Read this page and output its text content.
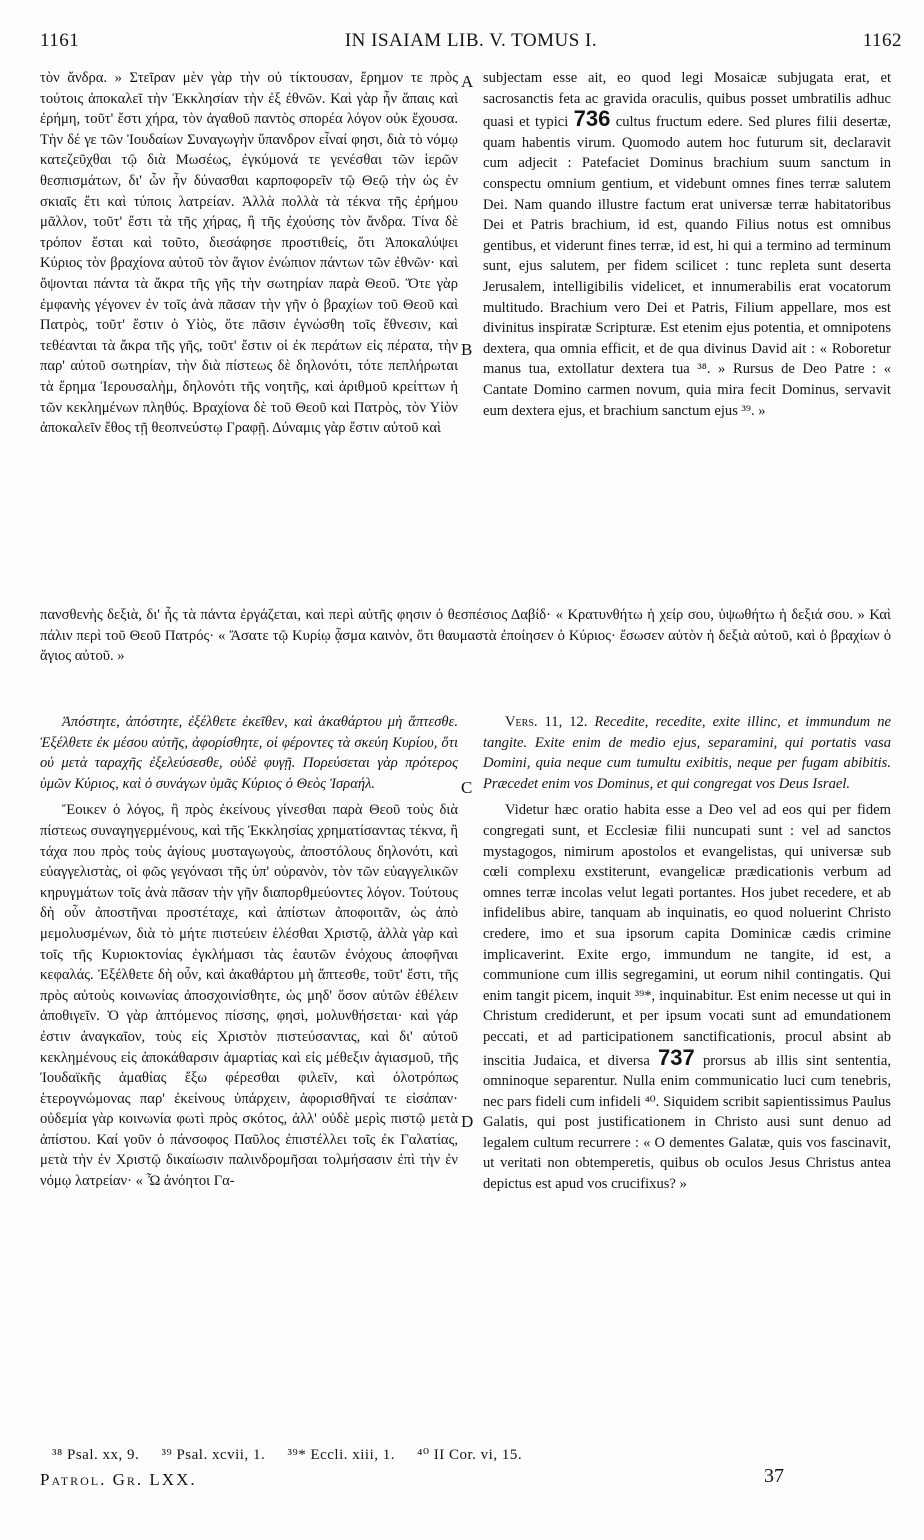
1161	IN ISAIAM LIB. V. TOMUS I.	1162
A
B
C
D

τὸν ἄνδρα. » Στεῖραν μὲν γὰρ τὴν οὐ τίκτουσαν, ἔρημον τε πρὸς τούτοις ἀποκαλεῖ τὴν Ἐκκλησίαν τὴν ἐξ ἐθνῶν. Καὶ γὰρ ἦν ἅπαις καὶ ἐρήμη, τοῦτ' ἔστι χήρα, τὸν ἀγαθοῦ παντὸς σπορέα λόγον οὐκ ἔχουσα. Τὴν δέ γε τῶν Ἰουδαίων Συναγωγὴν ὕπανδρον εἶναί φησι, διὰ τὸ νόμῳ κατεζεῦχθαι τῷ διὰ Μωσέως, ἐγκύμονά τε γενέσθαι τῶν ἱερῶν θεσπισμάτων, δι' ὧν ἦν δύνασθαι καρποφορεῖν τῷ Θεῷ τὴν ὡς ἐν σκιαῖς ἔτι καὶ τύποις λατρείαν. Ἀλλὰ πολλὰ τὰ τέκνα τῆς ἐρήμου μᾶλλον, τοῦτ' ἔστι τὰ τῆς χήρας, ἢ τῆς ἐχούσης τὸν ἄνδρα. Τίνα δὲ τρόπον ἔσται καὶ τοῦτο, διεσάφησε προστιθείς, ὅτι Ἀποκαλύψει Κύριος τὸν βραχίονα αὐτοῦ τὸν ἅγιον ἐνώπιον πάντων τῶν ἐθνῶν· καὶ ὄψονται πάντα τὰ ἄκρα τῆς γῆς τὴν σωτηρίαν παρὰ Θεοῦ. Ὅτε γὰρ ἐμφανὴς γέγονεν ἐν τοῖς ἀνὰ πᾶσαν τὴν γῆν ὁ βραχίων τοῦ Θεοῦ καὶ Πατρὸς, τοῦτ' ἔστιν ὁ Υἱὸς, ὅτε πᾶσιν ἐγνώσθη τοῖς ἔθνεσιν, καὶ τεθέανται τὰ ἄκρα τῆς γῆς, τοῦτ' ἔστιν οἱ ἐκ περάτων εἰς πέρατα, τὴν παρ' αὐτοῦ σωτηρίαν, τὴν διὰ πίστεως δὲ δηλονότι, τότε πεπλήρωται τὰ ἔρημα Ἱερουσαλὴμ, δηλονότι τῆς νοητῆς, καὶ ἀριθμοῦ κρείττων ἡ τῶν κεκλημένων πληθύς. Βραχίονα δὲ τοῦ Θεοῦ καὶ Πατρὸς, τὸν Υἱὸν ἀποκαλεῖν ἔθος τῇ θεοπνεύστῳ Γραφῇ. Δύναμις γὰρ ἔστιν αὐτοῦ καὶ

subjectam esse ait, eo quod legi Mosaicæ subjugata erat, et sacrosanctis feta ac gravida oraculis, quibus posset umbratilis adhuc quasi et typici 736 cultus fructum edere. Sed plures filii desertæ, quam habentis virum. Quomodo autem hoc futurum sit, declaravit cum adjecit : Patefaciet Dominus brachium suum sanctum in conspectu omnium gentium, et videbunt omnes fines terræ salutem Dei. Nam quando illustre factum erat universæ terræ habitatoribus Dei et Patris brachium, id est, quando Filius notus est omnibus gentibus, et viderunt fines terræ, id est, hi qui a termino ad terminum sunt, ejus salutem, per fidem scilicet : tunc repleta sunt deserta Jerusalem, intelligibilis videlicet, et innumerabilis erat vocatorum multitudo. Brachium vero Dei et Patris, Filium appellare, mos est divinitus inspiratæ Scripturæ. Est etenim ejus potentia, et omnipotens dextera, qua omnia efficit, et de qua divinus David ait : « Roboretur manus tua, extollatur dextera tua ³⁸. » Rursus de Deo Patre : « Cantate Domino carmen novum, quia mira fecit Dominus, servavit eum dextera ejus, et brachium sanctum ejus ³⁹. »

πανσθενὴς δεξιὰ, δι' ἧς τὰ πάντα ἐργάζεται, καὶ περὶ αὐτῆς φησιν ὁ θεσπέσιος Δαβίδ· « Κρατυνθήτω ἡ χείρ σου, ὑψωθήτω ἡ δεξιά σου. » Καὶ πάλιν περὶ τοῦ Θεοῦ Πατρός· « Ἄσατε τῷ Κυρίῳ ᾆσμα καινὸν, ὅτι θαυμαστὰ ἐποίησεν ὁ Κύριος· ἔσωσεν αὐτὸν ἡ δεξιὰ αὐτοῦ, καὶ ὁ βραχίων ὁ ἅγιος αὐτοῦ. »

Ἀπόστητε, ἀπόστητε, ἐξέλθετε ἐκεῖθεν, καὶ ἀκαθάρτου μὴ ἅπτεσθε. Ἐξέλθετε ἐκ μέσου αὐτῆς, ἀφορίσθητε, οἱ φέροντες τὰ σκεύη Κυρίου, ὅτι οὐ μετὰ ταραχῆς ἐξελεύσεσθε, οὐδὲ φυγῇ. Πορεύσεται γὰρ πρότερος ὑμῶν Κύριος, καὶ ὁ συνάγων ὑμᾶς Κύριος ὁ Θεὸς Ἰσραήλ.

Ἔοικεν ὁ λόγος, ἢ πρὸς ἐκείνους γίνεσθαι παρὰ Θεοῦ τοὺς διὰ πίστεως συναγηγερμένους, καὶ τῆς Ἐκκλησίας χρηματίσαντας τέκνα, ἢ τάχα που πρὸς τοὺς ἁγίους μυσταγωγοὺς, ἀποστόλους δηλονότι, καὶ εὐαγγελιστὰς, οἱ φῶς γεγόνασι τῆς ὑπ' οὐρανὸν, τὸν τῶν εὐαγγελικῶν κηρυγμάτων τοῖς ἀνὰ πᾶσαν τὴν γῆν διαπορθμεύοντες λόγον. Τούτους δὴ οὖν ἀποστῆναι προστέταχε, καὶ ἀπίστων ἀποφοιτᾶν, ὡς ἀπὸ μεμολυσμένων, διὰ τὸ μήτε πιστεύειν ἑλέσθαι Χριστῷ, ἀλλὰ γὰρ καὶ τοῖς τῆς Κυριοκτονίας ἐγκλήμασι τὰς ἑαυτῶν ἐνόχους ἀποφῆναι κεφαλάς. Ἐξέλθετε δὴ οὖν, καὶ ἀκαθάρτου μὴ ἅπτεσθε, τοῦτ' ἔστι, τῆς πρὸς αὐτοὺς κοινωνίας ἀποσχοινίσθητε, ὡς μηδ' ὅσον αὐτῶν ἐθέλειν ἀποθιγεῖν. Ὁ γὰρ ἁπτόμενος πίσσης, φησὶ, μολυνθήσεται· καὶ γάρ ἐστιν ἀναγκαῖον, τοὺς εἰς Χριστὸν πιστεύσαντας, καὶ δι' αὐτοῦ κεκλημένους εἰς ἀποκάθαρσιν ἁμαρτίας καὶ εἰς μέθεξιν ἁγιασμοῦ, τῆς Ἰουδαϊκῆς ἀμαθίας ἔξω φέρεσθαι φιλεῖν, καὶ ὁλοτρόπως ἑτερογνώμονας παρ' ἐκείνους ὑπάρχειν, ἀφορισθῆναί τε εἰσάπαν· οὐδεμία γὰρ κοινωνία φωτὶ πρὸς σκότος, ἀλλ' οὐδὲ μερὶς πιστῷ μετὰ ἀπίστου. Καί γοῦν ὁ πάνσοφος Παῦλος ἐπιστέλλει τοῖς ἐκ Γαλατίας, μετὰ τὴν ἐν Χριστῷ δικαίωσιν παλινδρομῆσαι τολμήσασιν ἐπὶ τὴν ἐν νόμῳ λατρείαν· « Ὦ ἀνόητοι Γα-

Vers. 11, 12. Recedite, recedite, exite illinc, et immundum ne tangite. Exite enim de medio ejus, separamini, qui portatis vasa Domini, quia neque cum tumultu exibitis, neque per fugam abibitis. Præcedet enim vos Dominus, et qui congregat vos Deus Israel.

Videtur hæc oratio habita esse a Deo vel ad eos qui per fidem congregati sunt, et Ecclesiæ filii nuncupati sunt : vel ad sanctos mystagogos, nimirum apostolos et evangelistas, qui universæ sub cœli complexu exstiterunt, evangelicæ prædicationis verbum ad omnes terræ incolas velut legati portantes. Hos jubet recedere, et ab infidelibus abire, tanquam ab inquinatis, eo quod noluerint Christo credere, imo et sua ipsorum capita Dominicæ cædis crimine implicaverint. Exite ergo, immundum ne tangite, id est, a communione cum illis segregamini, ut eorum nihil contingatis. Qui enim tangit picem, inquit ³⁹*, inquinabitur. Est enim necesse ut qui in Christum crediderunt, et per ipsum vocati sunt ad emundationem peccati, et ad participationem sanctificationis, procul absint ab inscitia Judaica, et diversa 737 prorsus ab illis sint sententia, omninoque separentur. Nulla enim communicatio luci cum tenebris, nec pars fideli cum infideli ⁴⁰. Siquidem scribit sapientissimus Paulus Galatis, qui post justificationem in Christo ausi sunt denuo ad legalem cultum recurrere : « O dementes Galatæ, quis vos fascinavit, ut veritati non obtemperetis, quibus ob oculos Jesus Christus antea depictus est apud vos crucifixus? »

³⁸ Psal. xx, 9. ³⁹ Psal. xcvii, 1. ³⁹* Eccli. xiii, 1. ⁴⁰ II Cor. vi, 15.
Patrol. Gr. LXX.	37
